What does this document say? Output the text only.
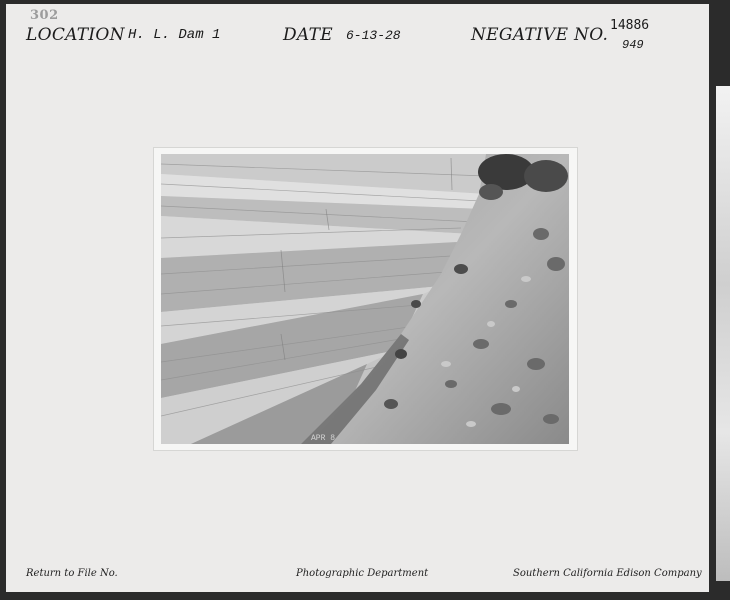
302
LOCATION H. L. Dam 1	DATE 6-13-28	NEGATIVE NO. 14886
949
APR 8
Return to File No.	Photographic Department	Southern California Edison Company
